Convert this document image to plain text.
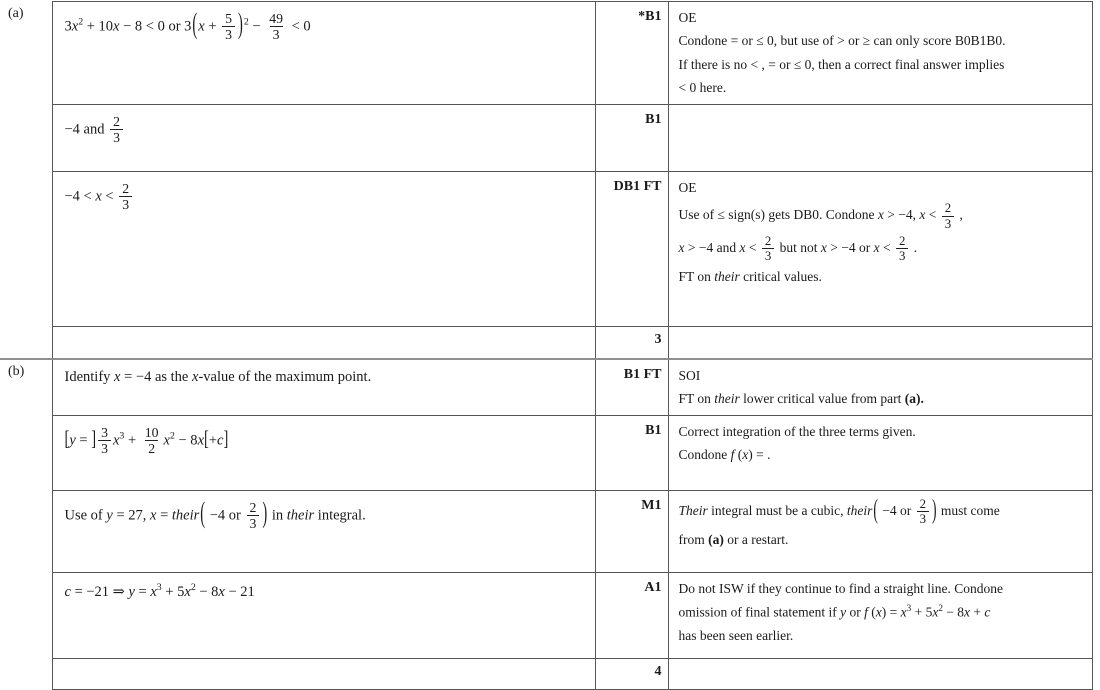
(a)	
$3x^2 + 10x - 8 < 0$ or $3(x + \frac{5}{3} )^2 - \frac{49}{3} < 0$
	*B1	OE
Condone = or ≤ 0, but use of > or ≥ can only score B0B1B0.
If there is no < , = or ≤ 0, then a correct final answer implies
< 0 here.

	−4 and $\frac{2}{3}$	B1	

$-4 < x < \frac{2}{3}$	DB1 FT	OE
Use of ≤ sign(s) gets DB0. Condone x > −4, $x < \frac{2}{3}$ ,
x > −4 and $x < \frac{2}{3}$ but not x > −4 or $x < \frac{2}{3}$ .
FT on their critical values.

		3	
(b)	Identify x = −4 as the x-value of the maximum point.	B1 FT	SOI
FT on their lower critical value from part (a).

[y = ] $\frac{3}{3} x^3 + \frac{10}{2} x^2 - 8x[+c]$	B1	Correct integration of the three terms given.
Condone f (x) = .

Use of y = 27, x = their( −4 or $\frac{2}{3}$ ) in their integral.
	M1	Their integral must be a cubic, their( −4 or $\frac{2}{3}$ ) must come
from (a) or a restart.

	c = −21 ⇒ $y = x^3 + 5x^2 - 8x - 21$	A1	Do not ISW if they continue to find a straight line. Condone
omission of final statement if y or f $(x) = x^3 + 5x^2 - 8x + c$
has been seen earlier.

		4	
